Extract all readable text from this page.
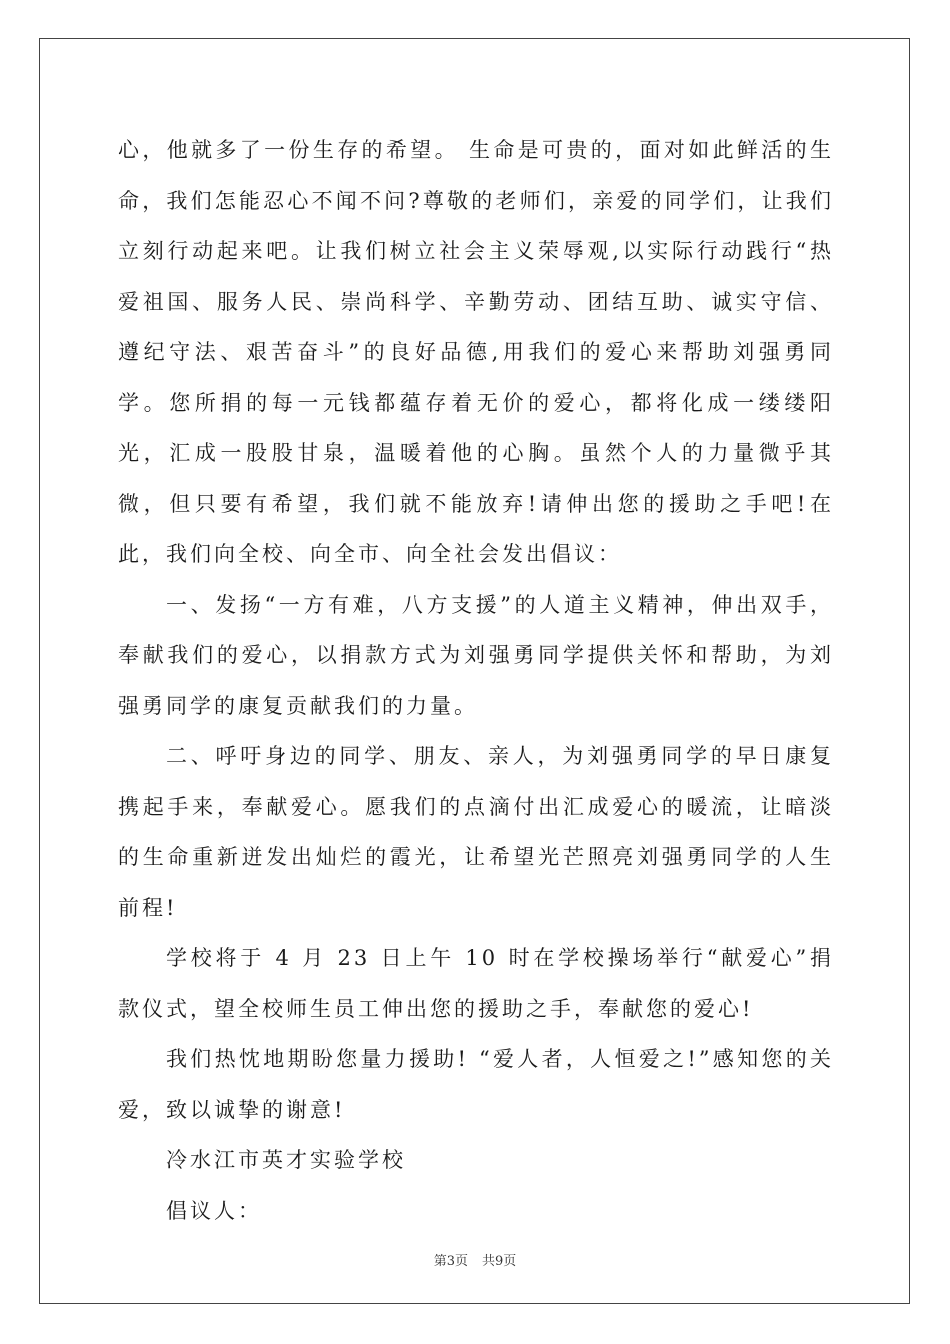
心，他就多了一份生存的希望。 生命是可贵的，面对如此鲜活的生命，我们怎能忍心不闻不问?尊敬的老师们，亲爱的同学们，让我们立刻行动起来吧。让我们树立社会主义荣辱观,以实际行动践行“热爱祖国、服务人民、崇尚科学、辛勤劳动、团结互助、诚实守信、遵纪守法、艰苦奋斗”的良好品德,用我们的爱心来帮助刘强勇同学。您所捐的每一元钱都蕴存着无价的爱心，都将化成一缕缕阳光，汇成一股股甘泉，温暖着他的心胸。虽然个人的力量微乎其微，但只要有希望，我们就不能放弃!请伸出您的援助之手吧!在此，我们向全校、向全市、向全社会发出倡议：

一、发扬“一方有难，八方支援”的人道主义精神，伸出双手，奉献我们的爱心，以捐款方式为刘强勇同学提供关怀和帮助，为刘强勇同学的康复贡献我们的力量。

二、呼吁身边的同学、朋友、亲人，为刘强勇同学的早日康复携起手来，奉献爱心。愿我们的点滴付出汇成爱心的暖流，让暗淡的生命重新迸发出灿烂的霞光，让希望光芒照亮刘强勇同学的人生前程!

学校将于 4 月 23 日上午 10 时在学校操场举行“献爱心”捐款仪式，望全校师生员工伸出您的援助之手，奉献您的爱心!

我们热忱地期盼您量力援助! “爱人者，人恒爱之!”感知您的关爱，致以诚挚的谢意!

冷水江市英才实验学校

倡议人：

第3页 共9页
